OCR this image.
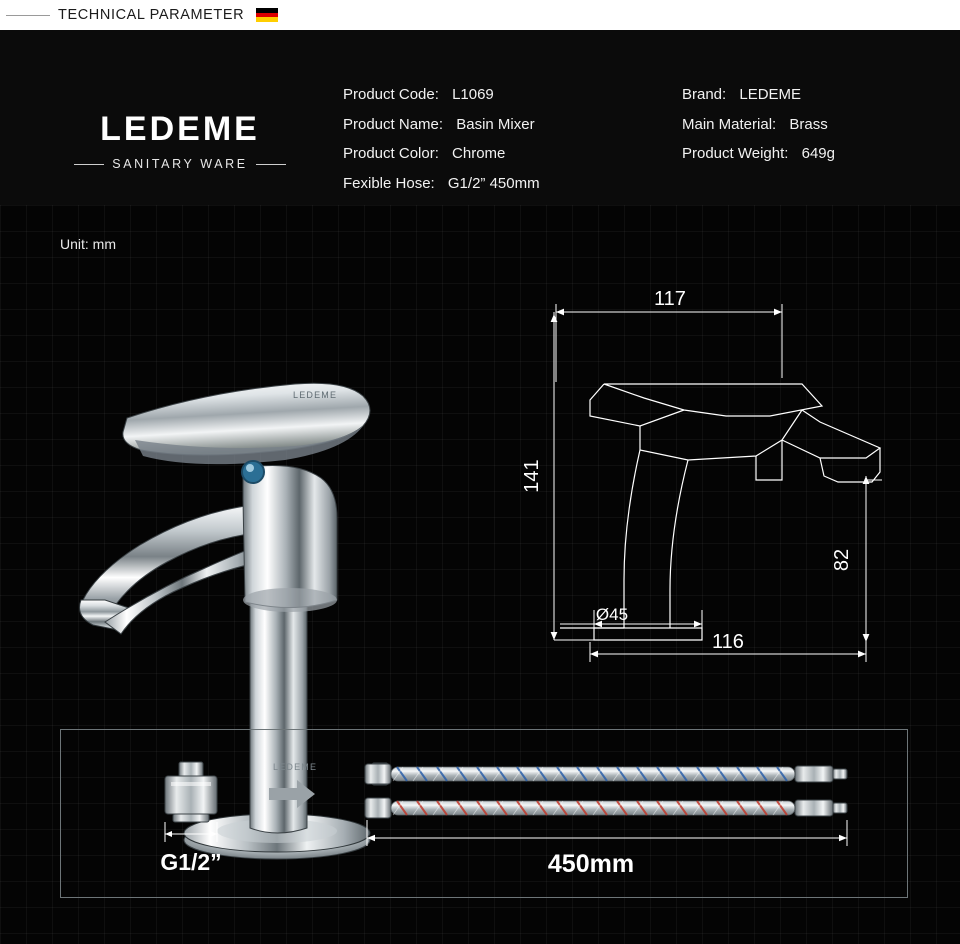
TECHNICAL PARAMETER
LEDEME
SANITARY WARE
Product Code: L1069
Product Name: Basin Mixer
Product Color: Chrome
Fexible Hose: G1/2” 450mm
Brand: LEDEME
Main Material: Brass
Product Weight: 649g
Unit: mm
LEDEME
LEDEME
117
141
82
Ø45
116
G1/2”	450mm
